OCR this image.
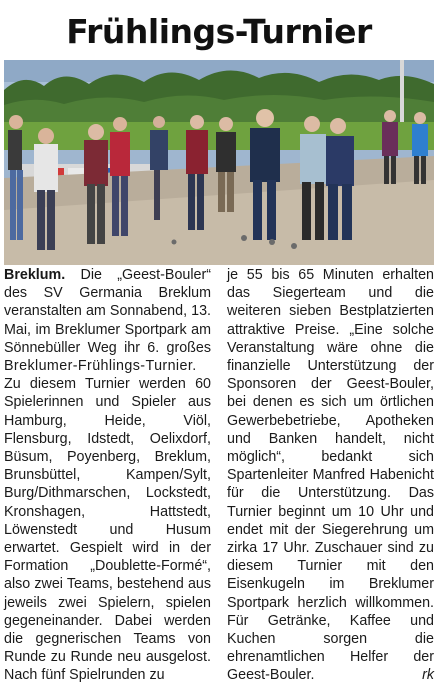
Frühlings-Turnier

Breklum. Die „Geest-Bouler“ des SV Germania Breklum veranstalten am Sonnabend, 13. Mai, im Breklumer Sportpark am Sönnebüller Weg ihr 6. großes Breklumer-Frühlings-Turnier. Zu diesem Turnier werden 60 Spielerinnen und Spieler aus Hamburg, Heide, Viöl, Flensburg, Idstedt, Oelixdorf, Büsum, Poyenberg, Breklum, Brunsbüttel, Kampen/Sylt, Burg/Dithmarschen, Lockstedt, Kronshagen, Hattstedt, Löwenstedt und Husum erwartet. Gespielt wird in der Formation „Doublette-Formé“, also zwei Teams, bestehend aus jeweils zwei Spielern, spielen gegeneinander. Dabei werden die gegnerischen Teams von Runde zu Runde neu ausgelost. Nach fünf Spielrunden zu

je 55 bis 65 Minuten erhalten das Siegerteam und die weiteren sieben Bestplatzierten attraktive Preise. „Eine solche Veranstaltung wäre ohne die finanzielle Unterstützung der Sponsoren der Geest-Bouler, bei denen es sich um örtlichen Gewerbebetriebe, Apotheken und Banken handelt, nicht möglich“, bedankt sich Spartenleiter Manfred Habenicht für die Unterstützung. Das Turnier beginnt um 10 Uhr und endet mit der Siegerehrung um zirka 17 Uhr. Zuschauer sind zu diesem Turnier mit den Eisenkugeln im Breklumer Sportpark herzlich willkommen. Für Getränke, Kaffee und Kuchen sorgen die ehrenamtlichen Helfer der Geest-Bouler.	rk
